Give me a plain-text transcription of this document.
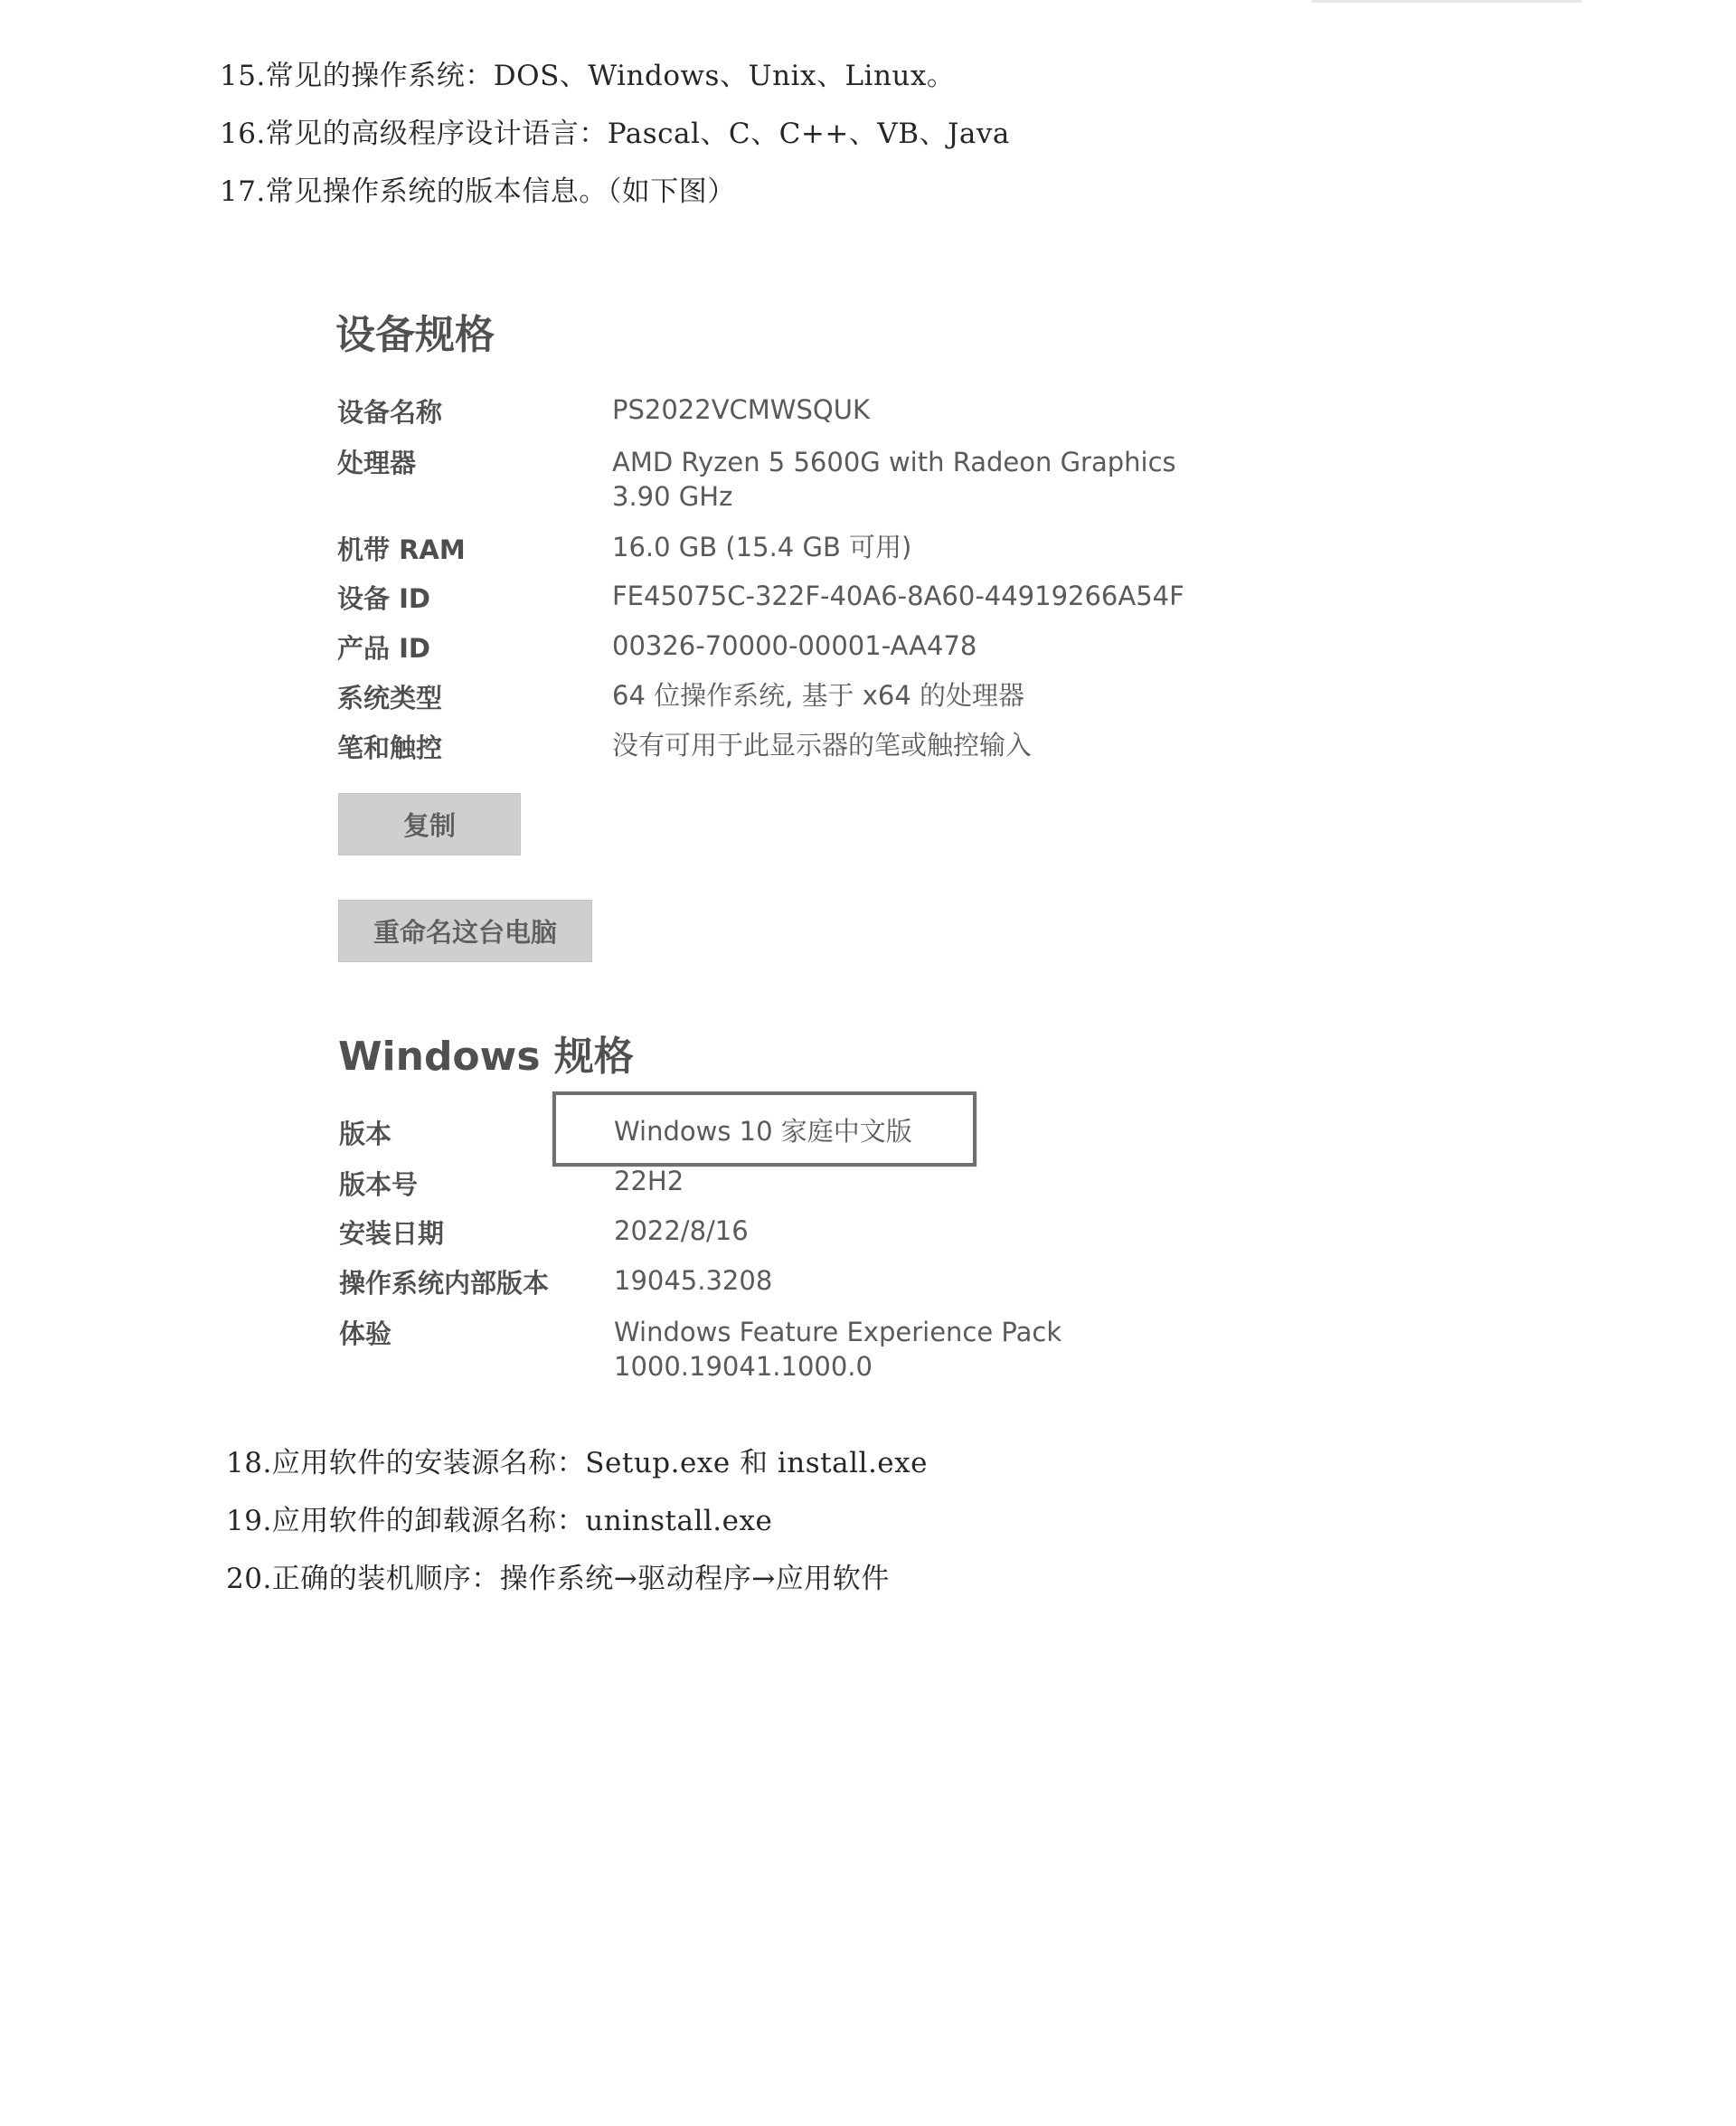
15.常见的操作系统：DOS、Windows、Unix、Linux。
16.常见的高级程序设计语言：Pascal、C、C++、VB、Java
17.常见操作系统的版本信息。（如下图）
设备规格
设备名称	PS2022VCMWSQUK
处理器	AMD Ryzen 5 5600G with Radeon Graphics
3.90 GHz
机带 RAM	16.0 GB (15.4 GB 可用)
设备 ID	FE45075C-322F-40A6-8A60-44919266A54F
产品 ID	00326-70000-00001-AA478
系统类型	64 位操作系统, 基于 x64 的处理器
笔和触控	没有可用于此显示器的笔或触控输入
复制
重命名这台电脑
Windows 规格
版本	Windows 10 家庭中文版
版本号	22H2
安装日期	2022/8/16
操作系统内部版本 19045.3208
体验	Windows Feature Experience Pack
1000.19041.1000.0
18.应用软件的安装源名称：Setup.exe 和 install.exe
19.应用软件的卸载源名称：uninstall.exe
20.正确的装机顺序：操作系统→驱动程序→应用软件
